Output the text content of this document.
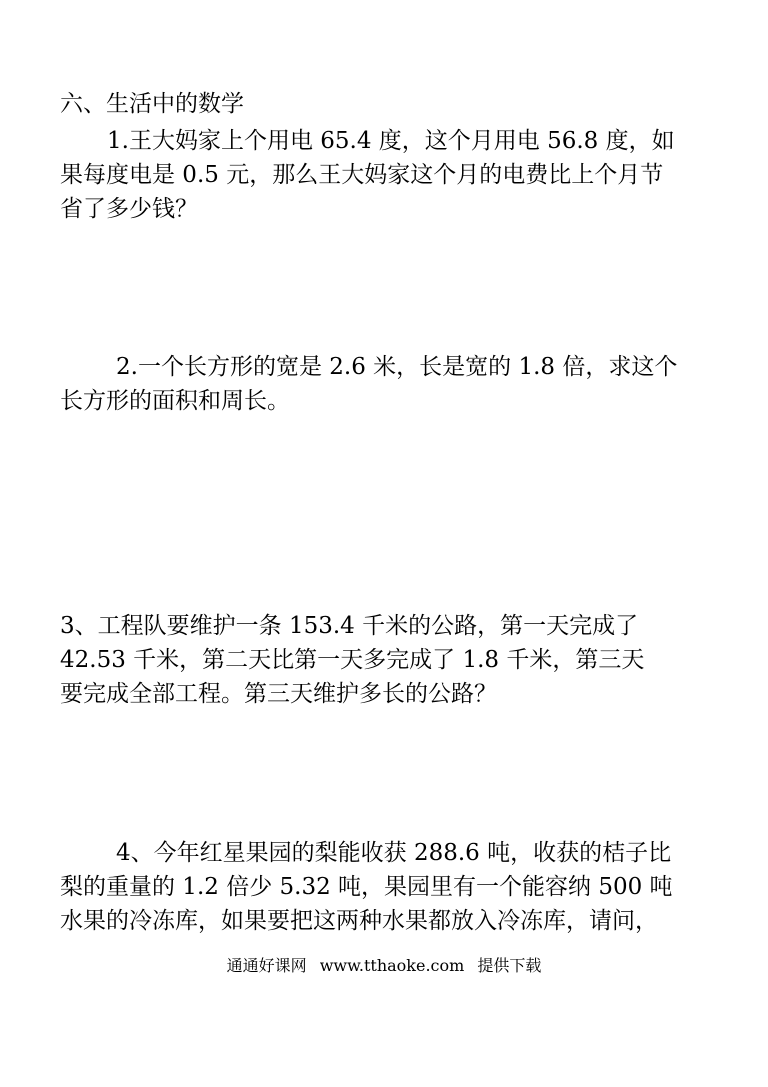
六、生活中的数学
1.王大妈家上个用电 65.4 度，这个月用电 56.8 度，如
果每度电是 0.5 元，那么王大妈家这个月的电费比上个月节
省了多少钱？
2.一个长方形的宽是 2.6 米，长是宽的 1.8 倍，求这个
长方形的面积和周长。
3、工程队要维护一条 153.4 千米的公路，第一天完成了
42.53 千米，第二天比第一天多完成了 1.8 千米，第三天
要完成全部工程。第三天维护多长的公路？
4、今年红星果园的梨能收获 288.6 吨，收获的桔子比
梨的重量的 1.2 倍少 5.32 吨，果园里有一个能容纳 500 吨
水果的冷冻库，如果要把这两种水果都放入冷冻库，请问，
通通好课网 www.tthaoke.com 提供下载
